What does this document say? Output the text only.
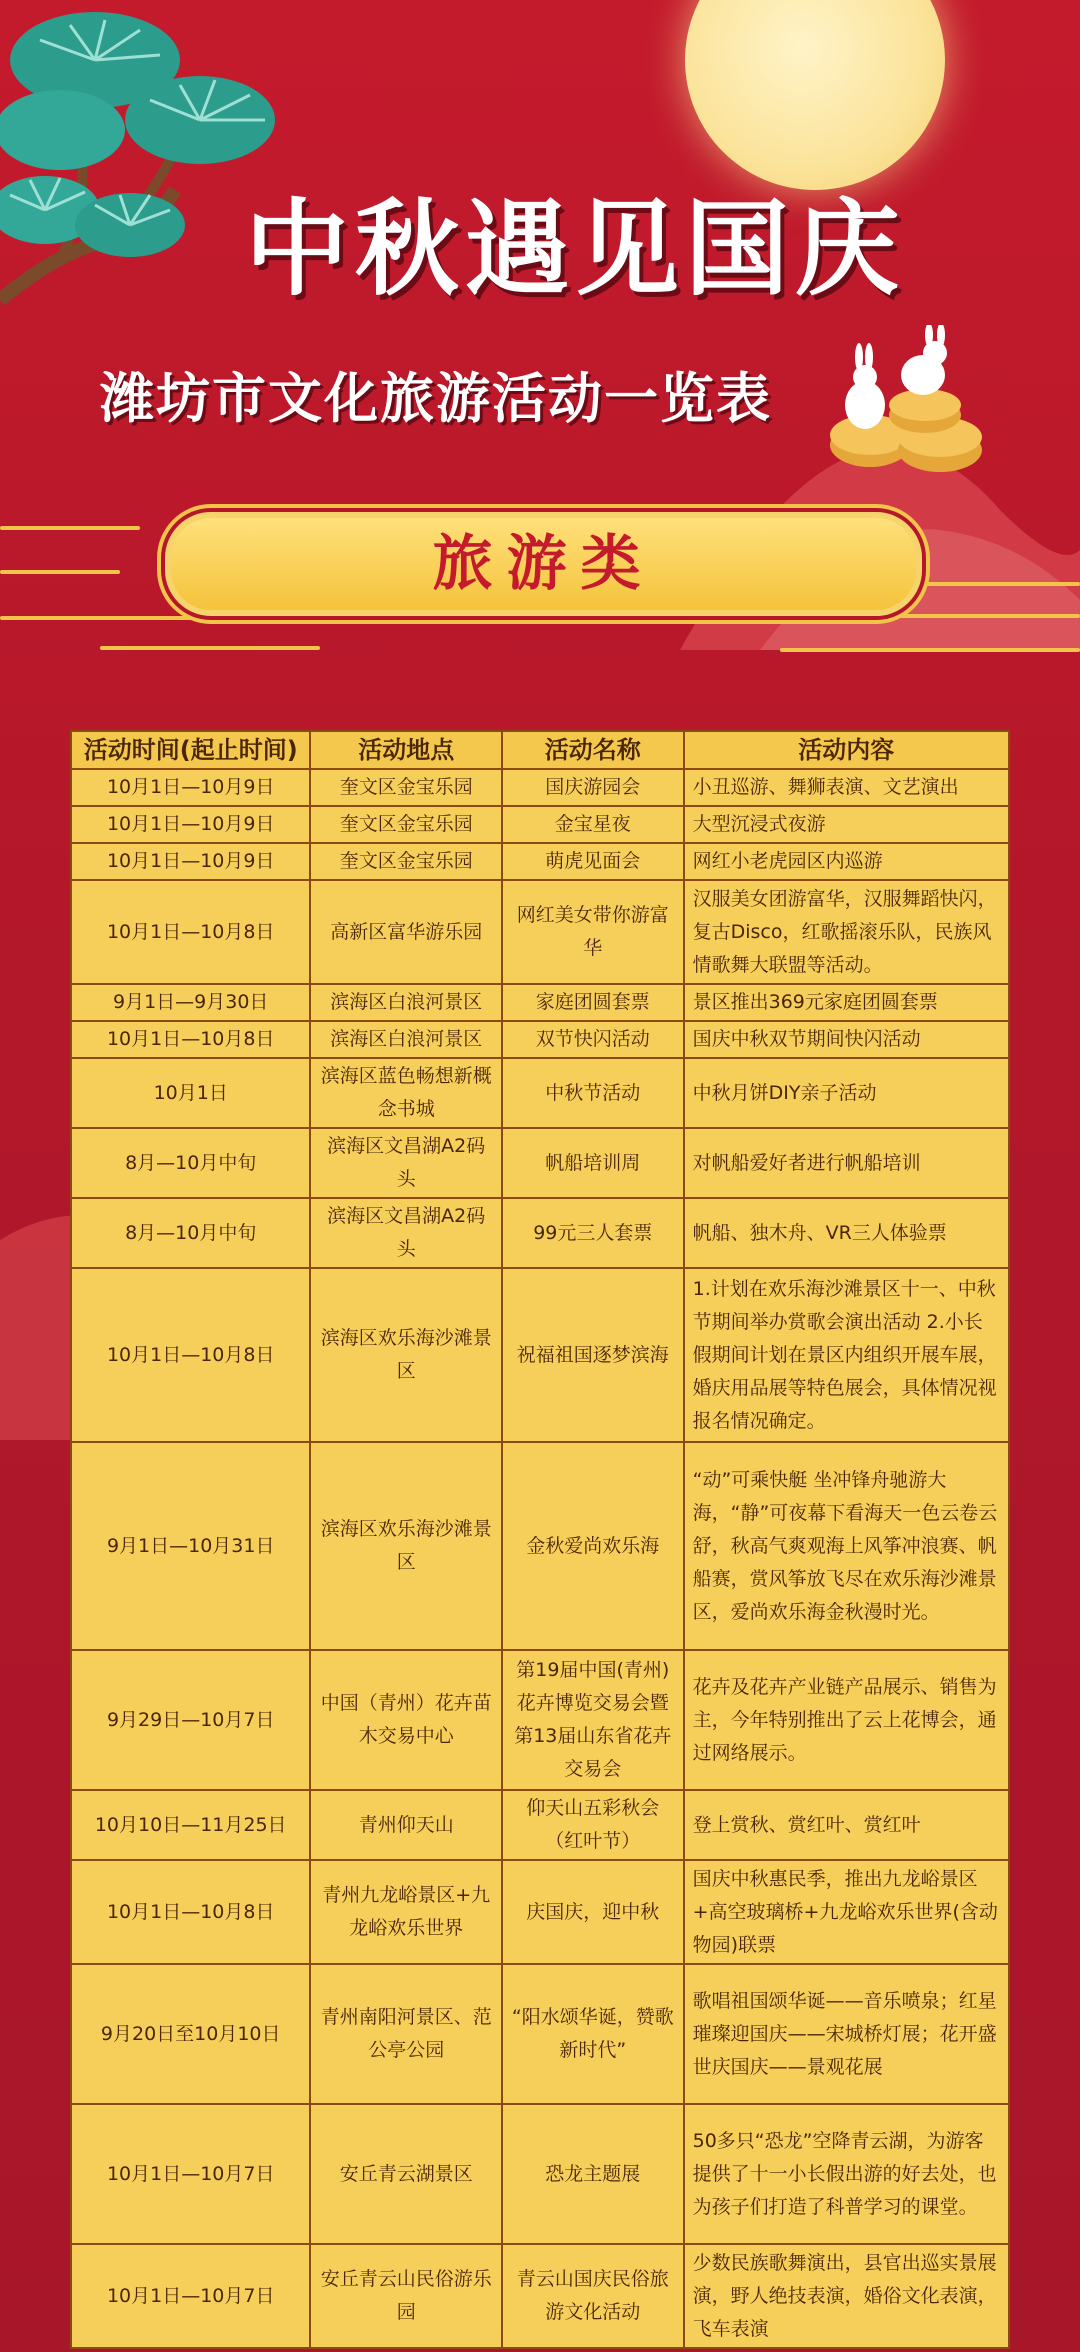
中秋遇见国庆
潍坊市文化旅游活动一览表
旅游类
活动时间(起止时间)	活动地点	活动名称	活动内容
10月1日—10月9日	奎文区金宝乐园	国庆游园会	小丑巡游、舞狮表演、文艺演出
10月1日—10月9日	奎文区金宝乐园	金宝星夜	大型沉浸式夜游
10月1日—10月9日	奎文区金宝乐园	萌虎见面会	网红小老虎园区内巡游
10月1日—10月8日	高新区富华游乐园	网红美女带你游富华	汉服美女团游富华，汉服舞蹈快闪，复古Disco，红歌摇滚乐队，民族风情歌舞大联盟等活动。
9月1日—9月30日	滨海区白浪河景区	家庭团圆套票	景区推出369元家庭团圆套票
10月1日—10月8日	滨海区白浪河景区	双节快闪活动	国庆中秋双节期间快闪活动
10月1日	滨海区蓝色畅想新概念书城	中秋节活动	中秋月饼DIY亲子活动
8月—10月中旬	滨海区文昌湖A2码头	帆船培训周	对帆船爱好者进行帆船培训
8月—10月中旬	滨海区文昌湖A2码头	99元三人套票	帆船、独木舟、VR三人体验票
10月1日—10月8日	滨海区欢乐海沙滩景区	祝福祖国逐梦滨海	1.计划在欢乐海沙滩景区十一、中秋节期间举办赏歌会演出活动 2.小长假期间计划在景区内组织开展车展，婚庆用品展等特色展会，具体情况视报名情况确定。
9月1日—10月31日	滨海区欢乐海沙滩景区	金秋爱尚欢乐海	“动”可乘快艇 坐冲锋舟驰游大海，“静”可夜幕下看海天一色云卷云舒，秋高气爽观海上风筝冲浪赛、帆船赛，赏风筝放飞尽在欢乐海沙滩景区，爱尚欢乐海金秋漫时光。
9月29日—10月7日	中国（青州）花卉苗木交易中心	第19届中国(青州)花卉博览交易会暨第13届山东省花卉交易会	花卉及花卉产业链产品展示、销售为主，今年特别推出了云上花博会，通过网络展示。
10月10日—11月25日	青州仰天山	仰天山五彩秋会（红叶节）	登上赏秋、赏红叶、赏红叶
10月1日—10月8日	青州九龙峪景区+九龙峪欢乐世界	庆国庆，迎中秋	国庆中秋惠民季，推出九龙峪景区+高空玻璃桥+九龙峪欢乐世界(含动物园)联票
9月20日至10月10日	青州南阳河景区、范公亭公园	“阳水颂华诞，赞歌新时代”	歌唱祖国颂华诞——音乐喷泉；红星璀璨迎国庆——宋城桥灯展；花开盛世庆国庆——景观花展
10月1日—10月7日	安丘青云湖景区	恐龙主题展	50多只“恐龙”空降青云湖，为游客提供了十一小长假出游的好去处，也为孩子们打造了科普学习的课堂。
10月1日—10月7日	安丘青云山民俗游乐园	青云山国庆民俗旅游文化活动	少数民族歌舞演出，县官出巡实景展演，野人绝技表演，婚俗文化表演，飞车表演
